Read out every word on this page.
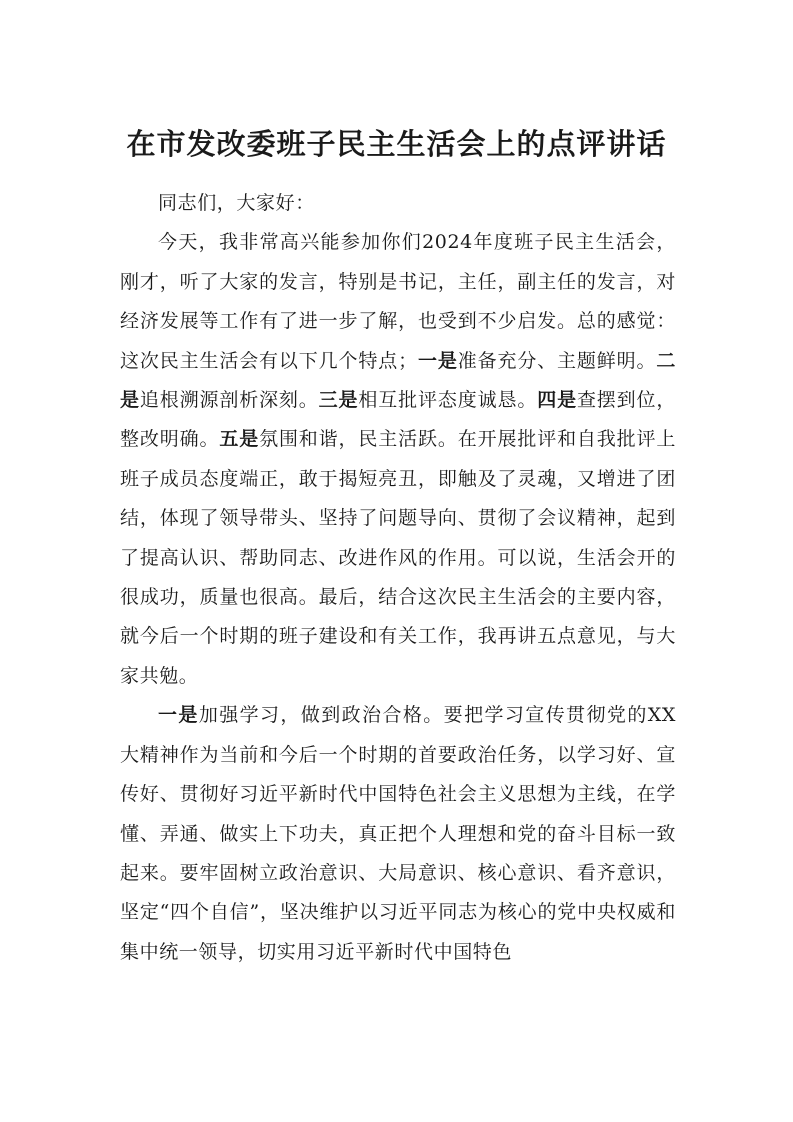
在市发改委班子民主生活会上的点评讲话

同志们，大家好：

今天，我非常高兴能参加你们2024年度班子民主生活会，刚才，听了大家的发言，特别是书记，主任，副主任的发言，对经济发展等工作有了进一步了解，也受到不少启发。总的感觉：这次民主生活会有以下几个特点；一是准备充分、主题鲜明。二是追根溯源剖析深刻。三是相互批评态度诚恳。四是查摆到位，整改明确。五是氛围和谐，民主活跃。在开展批评和自我批评上班子成员态度端正，敢于揭短亮丑，即触及了灵魂，又增进了团结，体现了领导带头、坚持了问题导向、贯彻了会议精神，起到了提高认识、帮助同志、改进作风的作用。可以说，生活会开的很成功，质量也很高。最后，结合这次民主生活会的主要内容，就今后一个时期的班子建设和有关工作，我再讲五点意见，与大家共勉。

一是加强学习，做到政治合格。要把学习宣传贯彻党的XX大精神作为当前和今后一个时期的首要政治任务，以学习好、宣传好、贯彻好习近平新时代中国特色社会主义思想为主线，在学懂、弄通、做实上下功夫，真正把个人理想和党的奋斗目标一致起来。要牢固树立政治意识、大局意识、核心意识、看齐意识，坚定“四个自信”，坚决维护以习近平同志为核心的党中央权威和集中统一领导，切实用习近平新时代中国特色
